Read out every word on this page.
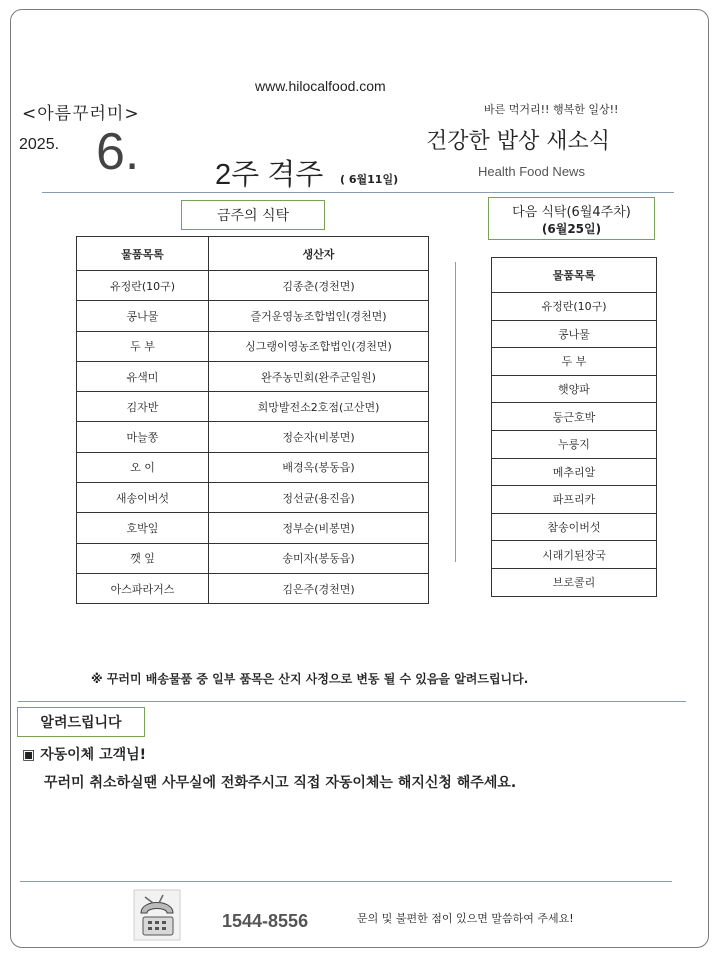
www.hilocalfood.com
<아름꾸러미>
2025. 6.	2주 격주 ( 6월11일)
바른 먹거리!! 행복한 일상!!
건강한 밥상 새소식
Health Food News
금주의 식탁	다음 식탁(6월4주차)
(6월25일)
물품목록	생산자
유정란(10구)	김종춘(경천면)
콩나물	즐거운영농조합법인(경천면)
두 부	싱그랭이영농조합법인(경천면)
유색미	완주농민회(완주군일원)
김자반	희망발전소2호점(고산면)
마늘쫑	정순자(비봉면)
오 이	배경옥(봉동읍)
새송이버섯	정선균(용진읍)
호박잎	정부순(비봉면)
깻 잎	송미자(봉동읍)
아스파라거스	김은주(경천면)
물품목록
유정란(10구)
콩나물
두 부
햇양파
둥근호박
누룽지
메추리알
파프리카
참송이버섯
시래기된장국
브로콜리
※ 꾸러미 배송물품 중 일부 품목은 산지 사정으로 변동 될 수 있음을 알려드립니다.
알려드립니다
▣ 자동이체 고객님!
꾸러미 취소하실땐 사무실에 전화주시고 직접 자동이체는 해지신청 해주세요.
1544-8556	문의 및 불편한 점이 있으면 말씀하여 주세요!
